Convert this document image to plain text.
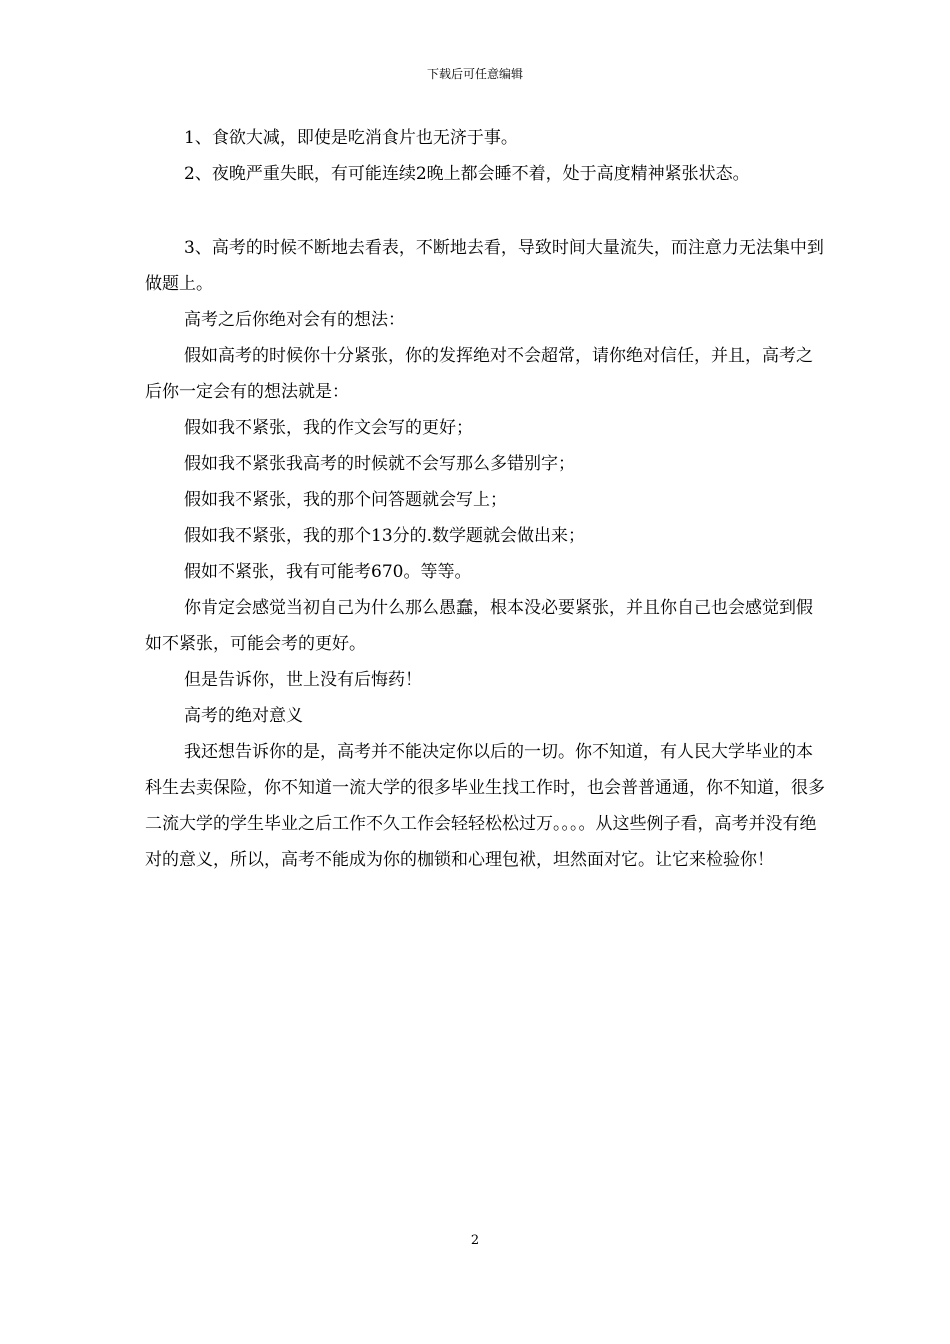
下载后可任意编辑

1、食欲大减，即使是吃消食片也无济于事。

2、夜晚严重失眠，有可能连续2晚上都会睡不着，处于高度精神紧张状态。

3、高考的时候不断地去看表，不断地去看，导致时间大量流失，而注意力无法集中到做题上。

高考之后你绝对会有的想法：

假如高考的时候你十分紧张，你的发挥绝对不会超常，请你绝对信任，并且，高考之后你一定会有的想法就是：

假如我不紧张，我的作文会写的更好；

假如我不紧张我高考的时候就不会写那么多错别字；

假如我不紧张，我的那个问答题就会写上；

假如我不紧张，我的那个13分的.数学题就会做出来；

假如不紧张，我有可能考670。等等。

你肯定会感觉当初自己为什么那么愚蠢，根本没必要紧张，并且你自己也会感觉到假如不紧张，可能会考的更好。

但是告诉你，世上没有后悔药！

高考的绝对意义

我还想告诉你的是，高考并不能决定你以后的一切。你不知道，有人民大学毕业的本科生去卖保险，你不知道一流大学的很多毕业生找工作时，也会普普通通，你不知道，很多二流大学的学生毕业之后工作不久工作会轻轻松松过万。。。。从这些例子看，高考并没有绝对的意义，所以，高考不能成为你的枷锁和心理包袱，坦然面对它。让它来检验你！

2
